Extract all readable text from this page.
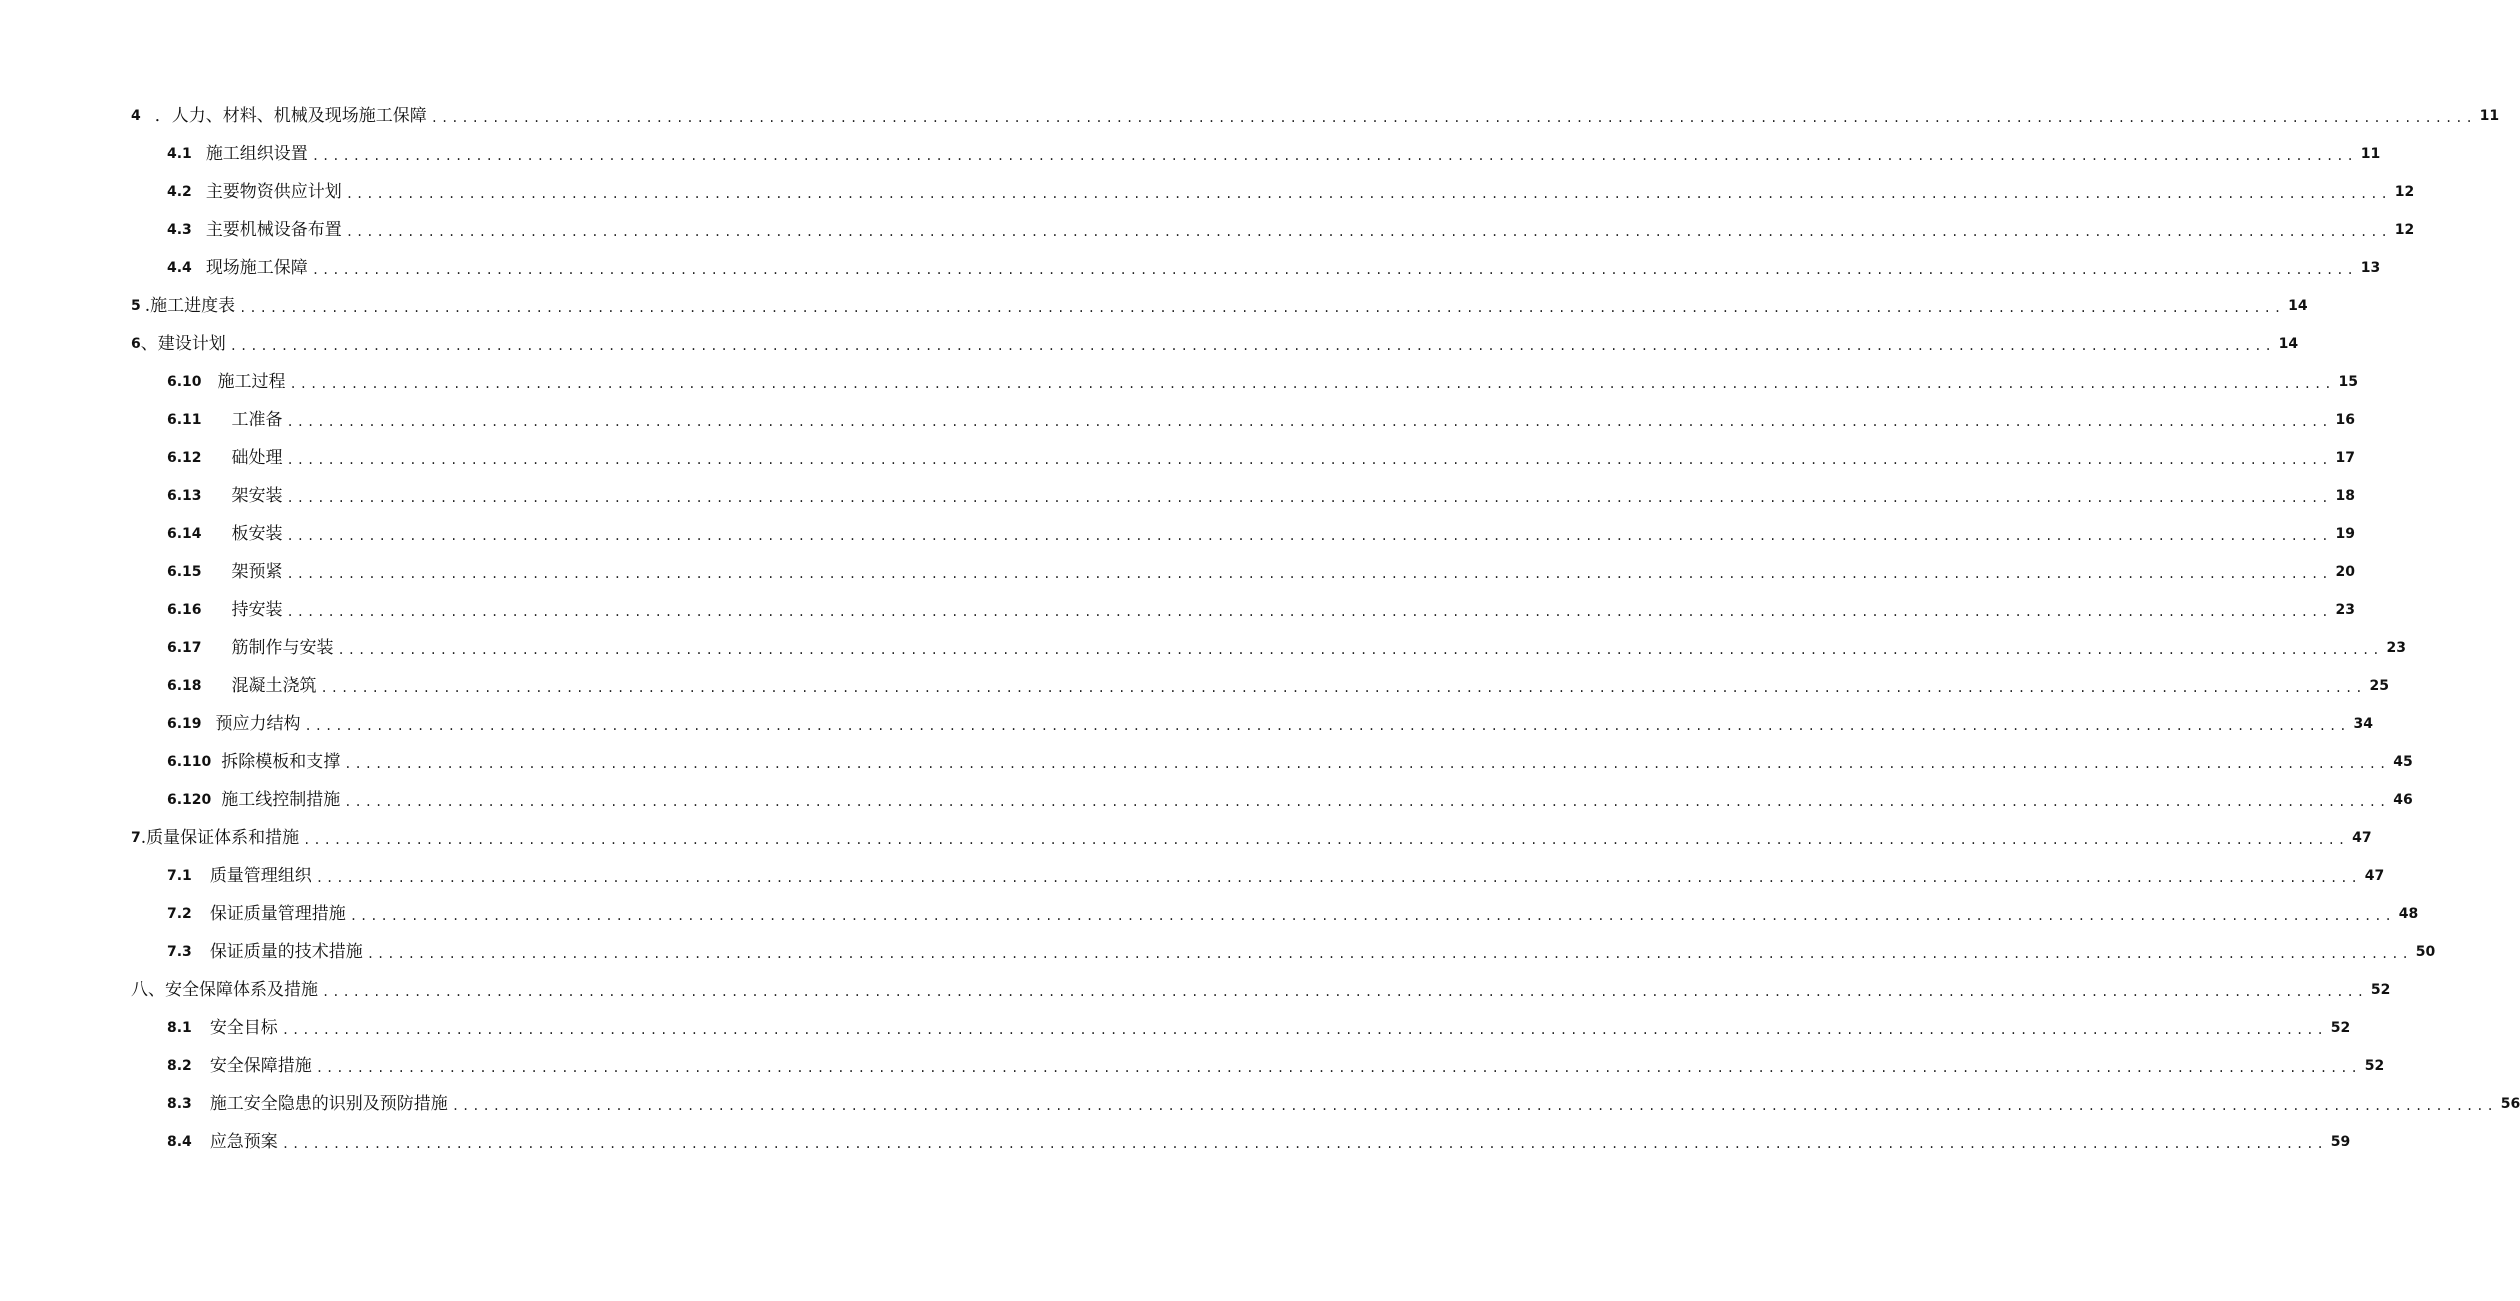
4 ．人力、材料、机械及现场施工保障 ........................................................................................................................................................................................................ 11
4.1 施工组织设置 ........................................................................................................................................................................................................ 11
4.2 主要物资供应计划 ........................................................................................................................................................................................................ 12
4.3 主要机械设备布置 ........................................................................................................................................................................................................ 12
4.4 现场施工保障 ........................................................................................................................................................................................................ 13
5 .施工进度表 ........................................................................................................................................................................................................ 14
6 、建设计划 ........................................................................................................................................................................................................ 14
6.10 施工过程 ........................................................................................................................................................................................................ 15
6.11 工准备 ........................................................................................................................................................................................................ 16
6.12 础处理 ........................................................................................................................................................................................................ 17
6.13 架安装 ........................................................................................................................................................................................................ 18
6.14 板安装 ........................................................................................................................................................................................................ 19
6.15 架预紧 ........................................................................................................................................................................................................ 20
6.16 持安装 ........................................................................................................................................................................................................ 23
6.17 筋制作与安装 ........................................................................................................................................................................................................ 23
6.18 混凝土浇筑 ........................................................................................................................................................................................................ 25
6.19 预应力结构 ........................................................................................................................................................................................................ 34
6.110 拆除模板和支撑 ........................................................................................................................................................................................................ 45
6.120 施工线控制措施 ........................................................................................................................................................................................................ 46
7 .质量保证体系和措施 ........................................................................................................................................................................................................ 47
7.1 质量管理组织 ........................................................................................................................................................................................................ 47
7.2 保证质量管理措施 ........................................................................................................................................................................................................ 48
7.3 保证质量的技术措施 ........................................................................................................................................................................................................ 50
八、安全保障体系及措施 ........................................................................................................................................................................................................ 52
8.1 安全目标 ........................................................................................................................................................................................................ 52
8.2 安全保障措施 ........................................................................................................................................................................................................ 52
8.3 施工安全隐患的识别及预防措施 ........................................................................................................................................................................................................ 56
8.4 应急预案 ........................................................................................................................................................................................................ 59
